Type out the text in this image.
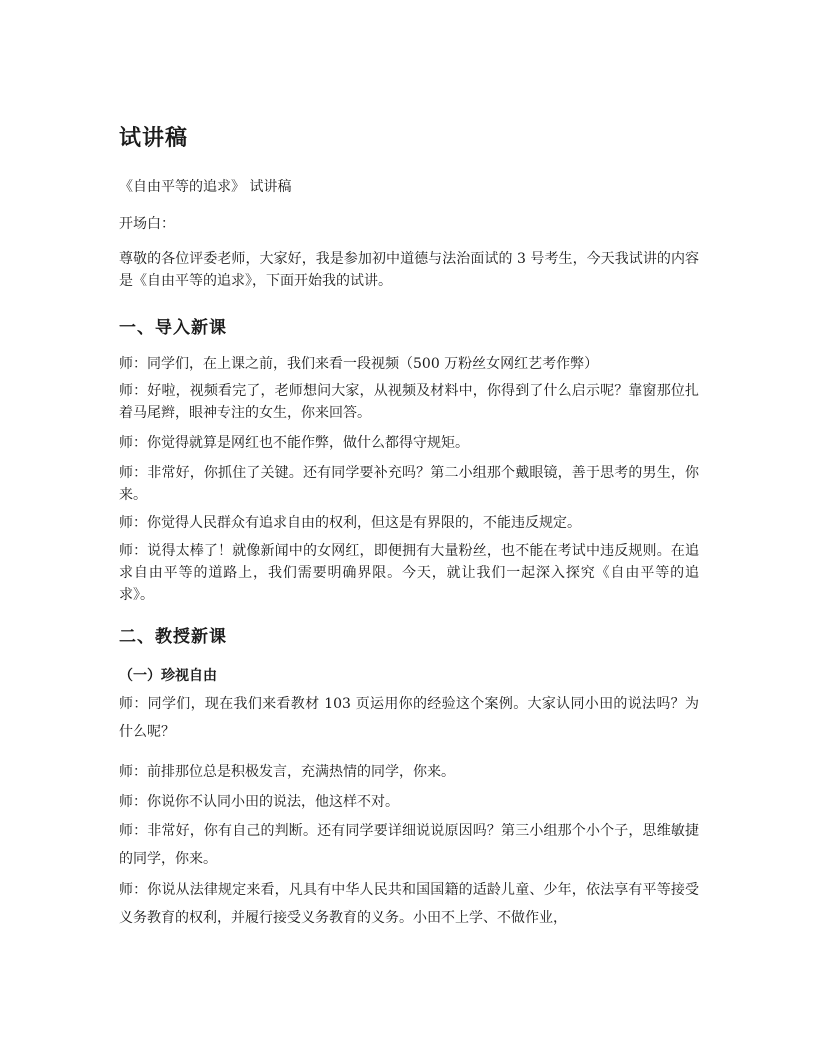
试讲稿

《自由平等的追求》 试讲稿

开场白：

尊敬的各位评委老师，大家好，我是参加初中道德与法治面试的 3 号考生，今天我试讲的内容是《自由平等的追求》，下面开始我的试讲。

一、导入新课

师：同学们，在上课之前，我们来看一段视频（500 万粉丝女网红艺考作弊）

师：好啦，视频看完了，老师想问大家，从视频及材料中，你得到了什么启示呢？靠窗那位扎着马尾辫，眼神专注的女生，你来回答。

师：你觉得就算是网红也不能作弊，做什么都得守规矩。

师：非常好，你抓住了关键。还有同学要补充吗？第二小组那个戴眼镜，善于思考的男生，你来。

师：你觉得人民群众有追求自由的权利，但这是有界限的，不能违反规定。

师：说得太棒了！就像新闻中的女网红，即便拥有大量粉丝，也不能在考试中违反规则。在追求自由平等的道路上，我们需要明确界限。今天，就让我们一起深入探究《自由平等的追求》。

二、教授新课
（一）珍视自由

师：同学们，现在我们来看教材 103 页运用你的经验这个案例。大家认同小田的说法吗？为什么呢？

师：前排那位总是积极发言，充满热情的同学，你来。

师：你说你不认同小田的说法，他这样不对。

师：非常好，你有自己的判断。还有同学要详细说说原因吗？第三小组那个小个子，思维敏捷的同学，你来。

师：你说从法律规定来看，凡具有中华人民共和国国籍的适龄儿童、少年，依法享有平等接受义务教育的权利，并履行接受义务教育的义务。小田不上学、不做作业，
